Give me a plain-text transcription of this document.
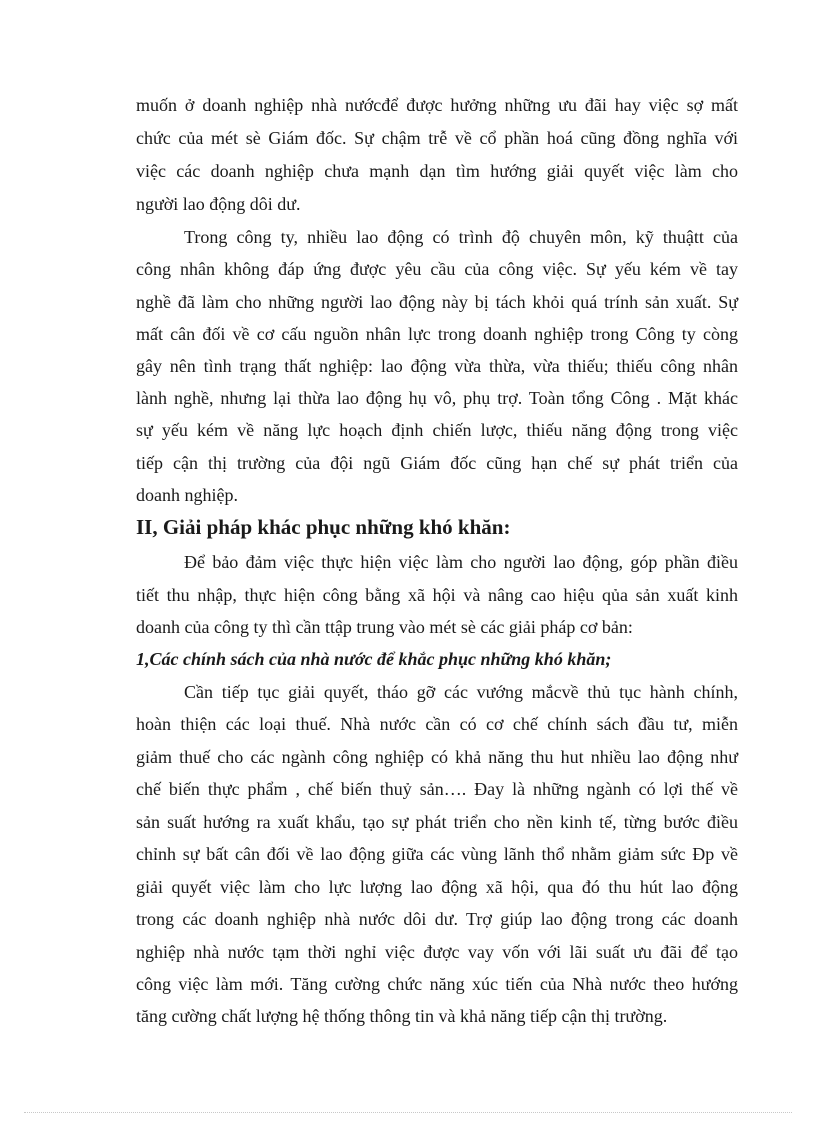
muốn ở doanh nghiệp nhà nướcđể được hưởng những ưu đãi hay việc sợ mất
chức của mét sè Giám đốc. Sự chậm trễ về cổ phần hoá cũng đồng nghĩa với
việc các doanh nghiệp chưa mạnh dạn tìm hướng giải quyết việc làm cho
người lao động dôi dư.
Trong công ty, nhiều lao động có trình độ chuyên môn, kỹ thuậtt của
công nhân không đáp ứng được yêu cầu của công việc. Sự yếu kém về tay
nghề đã làm cho những người lao động này bị tách khỏi quá trính sản xuất. Sự
mất cân đối về cơ cấu nguồn nhân lực trong doanh nghiệp trong Công ty còng
gây nên tình trạng thất nghiệp: lao động vừa thừa, vừa thiếu; thiếu công nhân
lành nghề, nhưng lại thừa lao động hụ vô, phụ trợ. Toàn tổng Công . Mặt khác
sự yếu kém về năng lực hoạch định chiến lược, thiếu năng động trong việc
tiếp cận thị trường của đội ngũ Giám đốc cũng hạn chế sự phát triển của
doanh nghiệp.
II, Giải pháp khác phục những khó khăn:
Để bảo đảm việc thực hiện việc làm cho người lao động, góp phần điều
tiết thu nhập, thực hiện công bằng xã hội và nâng cao hiệu qủa sản xuất kinh
doanh của công ty thì cần ttập trung vào mét sè các giải pháp cơ bản:
1,Các chính sách của nhà nước để khắc phục những khó khăn;
Cần tiếp tục giải quyết, tháo gỡ các vướng mắcvề thủ tục hành chính,
hoàn thiện các loại thuế. Nhà nước cần có cơ chế chính sách đầu tư, miễn
giảm thuế cho các ngành công nghiệp có khả năng thu hut nhiều lao động như
chế biến thực phẩm , chế biến thuỷ sản…. Đay là những ngành có lợi thế về
sản suất hướng ra xuất khẩu, tạo sự phát triển cho nền kinh tế, từng bước điều
chỉnh sự bất cân đối về lao động giữa các vùng lãnh thổ nhằm giảm sức Đp về
giải quyết việc làm cho lực lượng lao động xã hội, qua đó thu hút lao động
trong các doanh nghiệp nhà nước dôi dư. Trợ giúp lao động trong các doanh
nghiệp nhà nước tạm thời nghỉ việc được vay vốn với lãi suất ưu đãi để tạo
công việc làm mới. Tăng cường chức năng xúc tiến của Nhà nước theo hướng
tăng cường chất lượng hệ thống thông tin và khả năng tiếp cận thị trường.
